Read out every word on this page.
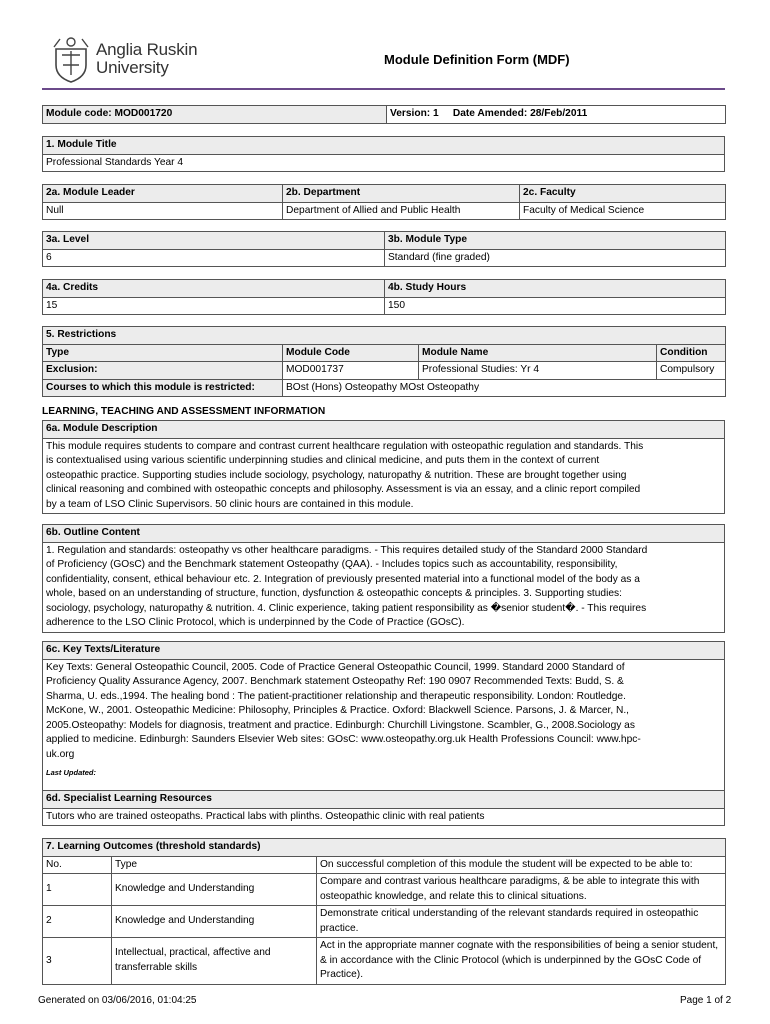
Anglia Ruskin
University	Module Definition Form (MDF)
Module code: MOD001720	Version: 1 Date Amended: 28/Feb/2011
1. Module Title
Professional Standards Year 4
2a. Module Leader	2b. Department	2c. Faculty
Null	Department of Allied and Public Health	Faculty of Medical Science
3a. Level	3b. Module Type
6	Standard (fine graded)
4a. Credits	4b. Study Hours
15	150
5. Restrictions			
Type	Module Code	Module Name	Condition
Exclusion:	MOD001737	Professional Studies: Yr 4	Compulsory
Courses to which this module is restricted:	BOst (Hons) Osteopathy MOst Osteopathy		
LEARNING, TEACHING AND ASSESSMENT INFORMATION
6a. Module Description

This module requires students to compare and contrast current healthcare regulation with osteopathic regulation and standards. This
is contextualised using various scientific underpinning studies and clinical medicine, and puts them in the context of current
osteopathic practice. Supporting studies include sociology, psychology, naturopathy & nutrition. These are brought together using
clinical reasoning and combined with osteopathic concepts and philosophy. Assessment is via an essay, and a clinic report compiled
by a team of LSO Clinic Supervisors. 50 clinic hours are contained in this module.
6b. Outline Content

1. Regulation and standards: osteopathy vs other healthcare paradigms. - This requires detailed study of the Standard 2000 Standard
of Proficiency (GOsC) and the Benchmark statement Osteopathy (QAA). - Includes topics such as accountability, responsibility,
confidentiality, consent, ethical behaviour etc. 2. Integration of previously presented material into a functional model of the body as a
whole, based on an understanding of structure, function, dysfunction & osteopathic concepts & principles. 3. Supporting studies:
sociology, psychology, naturopathy & nutrition. 4. Clinic experience, taking patient responsibility as �senior student�. - This requires
adherence to the LSO Clinic Protocol, which is underpinned by the Code of Practice (GOsC).
6c. Key Texts/Literature

Key Texts: General Osteopathic Council, 2005. Code of Practice General Osteopathic Council, 1999. Standard 2000 Standard of
Proficiency Quality Assurance Agency, 2007. Benchmark statement Osteopathy Ref: 190 0907 Recommended Texts: Budd, S. &
Sharma, U. eds.,1994. The healing bond : The patient-practitioner relationship and therapeutic responsibility. London: Routledge.
McKone, W., 2001. Osteopathic Medicine: Philosophy, Principles & Practice. Oxford: Blackwell Science. Parsons, J. & Marcer, N.,
2005.Osteopathy: Models for diagnosis, treatment and practice. Edinburgh: Churchill Livingstone. Scambler, G., 2008.Sociology as
applied to medicine. Edinburgh: Saunders Elsevier Web sites: GOsC: www.osteopathy.org.uk Health Professions Council: www.hpc-
uk.org
Last Updated:
6d. Specialist Learning Resources
Tutors who are trained osteopaths. Practical labs with plinths. Osteopathic clinic with real patients
7. Learning Outcomes (threshold standards)		
No.	Type	On successful completion of this module the student will be expected to be able to:
1	Knowledge and Understanding	Compare and contrast various healthcare paradigms, & be able to integrate this with osteopathic knowledge, and relate this to clinical situations.
2	Knowledge and Understanding	Demonstrate critical understanding of the relevant standards required in osteopathic practice.
3	Intellectual, practical, affective and transferrable skills	Act in the appropriate manner cognate with the responsibilities of being a senior student, & in accordance with the Clinic Protocol (which is underpinned by the GOsC Code of Practice).
Generated on 03/06/2016, 01:04:25	Page 1 of 2
